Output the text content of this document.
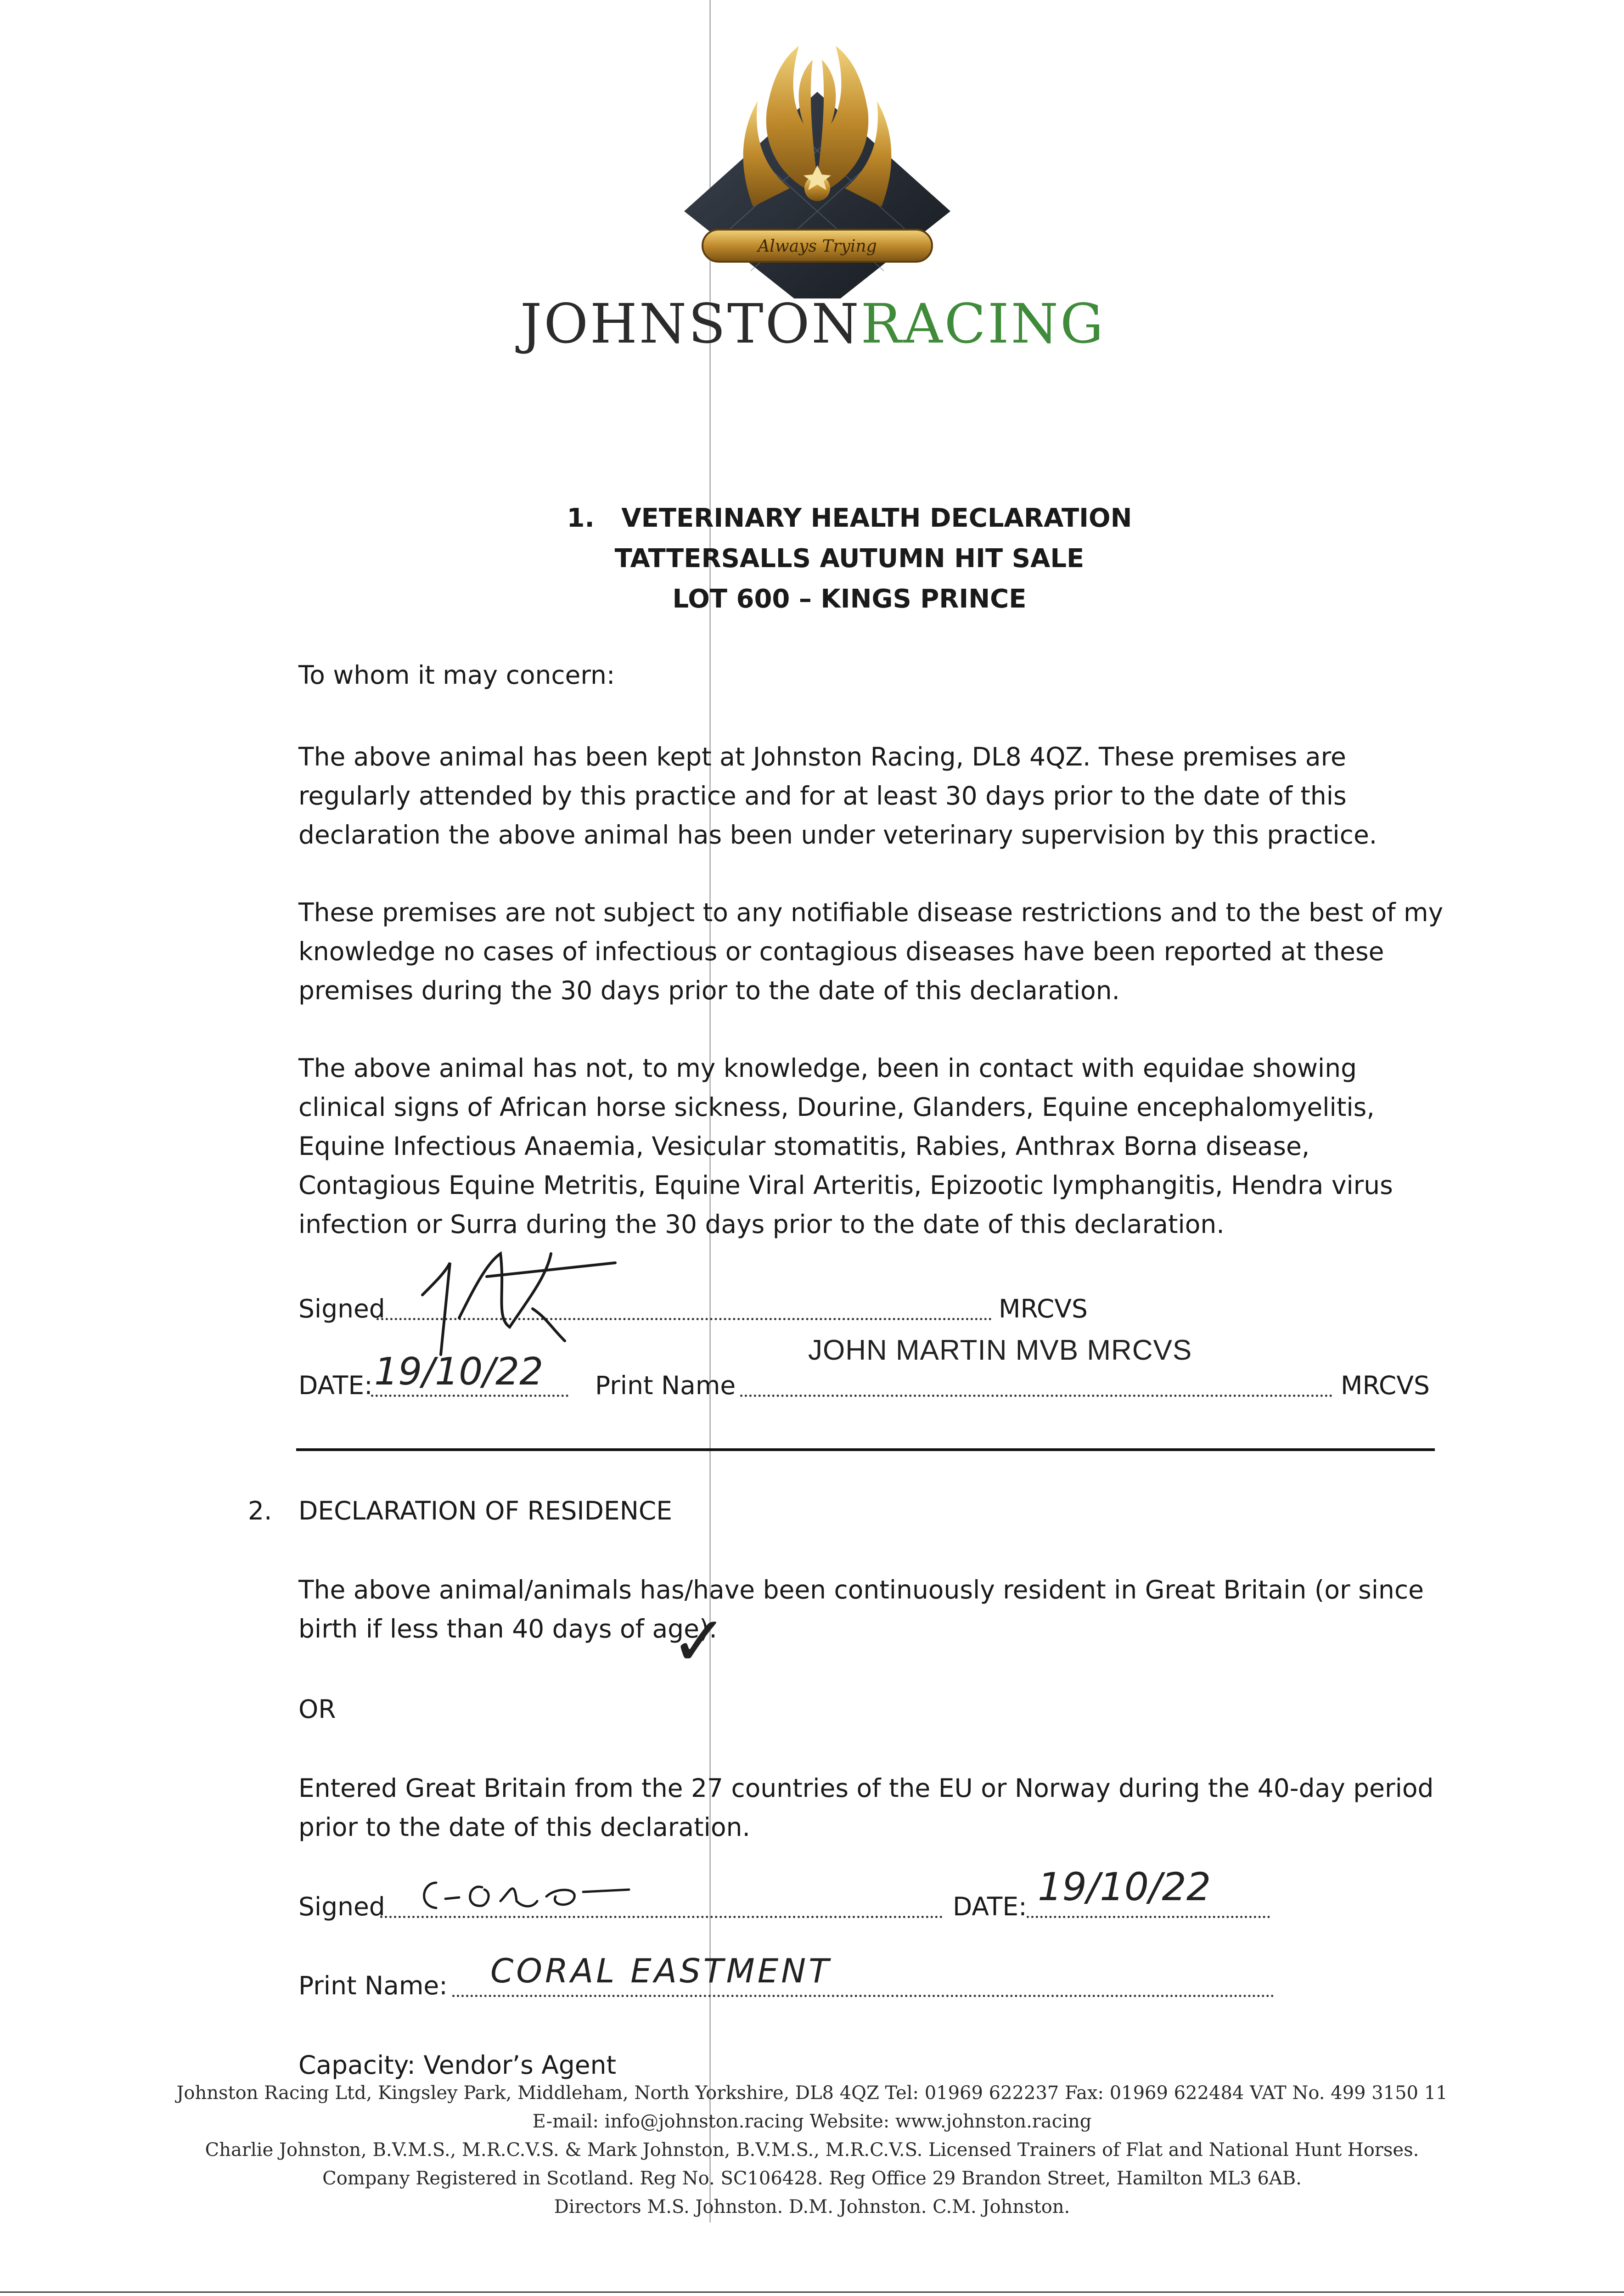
Always Trying
JOHNSTONRACING
1. VETERINARY HEALTH DECLARATION
TATTERSALLS AUTUMN HIT SALE
LOT 600 – KINGS PRINCE
To whom it may concern:

The above animal has been kept at Johnston Racing, DL8 4QZ. These premises are regularly attended by this practice and for at least 30 days prior to the date of this declaration the above animal has been under veterinary supervision by this practice.

These premises are not subject to any notifiable disease restrictions and to the best of my knowledge no cases of infectious or contagious diseases have been reported at these premises during the 30 days prior to the date of this declaration.

The above animal has not, to my knowledge, been in contact with equidae showing clinical signs of African horse sickness, Dourine, Glanders, Equine encephalomyelitis, Equine Infectious Anaemia, Vesicular stomatitis, Rabies, Anthrax Borna disease, Contagious Equine Metritis, Equine Viral Arteritis, Epizootic lymphangitis, Hendra virus infection or Surra during the 30 days prior to the date of this declaration.

Signed	MRCVS
DATE: 19/10/22 Print Name
JOHN MARTIN MVB MRCVS
MRCVS
2. DECLARATION OF RESIDENCE

The above animal/animals has/have been continuously resident in Great Britain (or since birth if less than 40 days of age).

✓
OR

Entered Great Britain from the 27 countries of the EU or Norway during the 40-day period prior to the date of this declaration.

Signed	DATE: 19/10/22
Print Name: CORAL EASTMENT
Capacity: Vendor’s Agent
Johnston Racing Ltd, Kingsley Park, Middleham, North Yorkshire, DL8 4QZ Tel: 01969 622237 Fax: 01969 622484 VAT No. 499 3150 11
E-mail: info@johnston.racing Website: www.johnston.racing
Charlie Johnston, B.V.M.S., M.R.C.V.S. & Mark Johnston, B.V.M.S., M.R.C.V.S. Licensed Trainers of Flat and National Hunt Horses.
Company Registered in Scotland. Reg No. SC106428. Reg Office 29 Brandon Street, Hamilton ML3 6AB.
Directors M.S. Johnston. D.M. Johnston. C.M. Johnston.
